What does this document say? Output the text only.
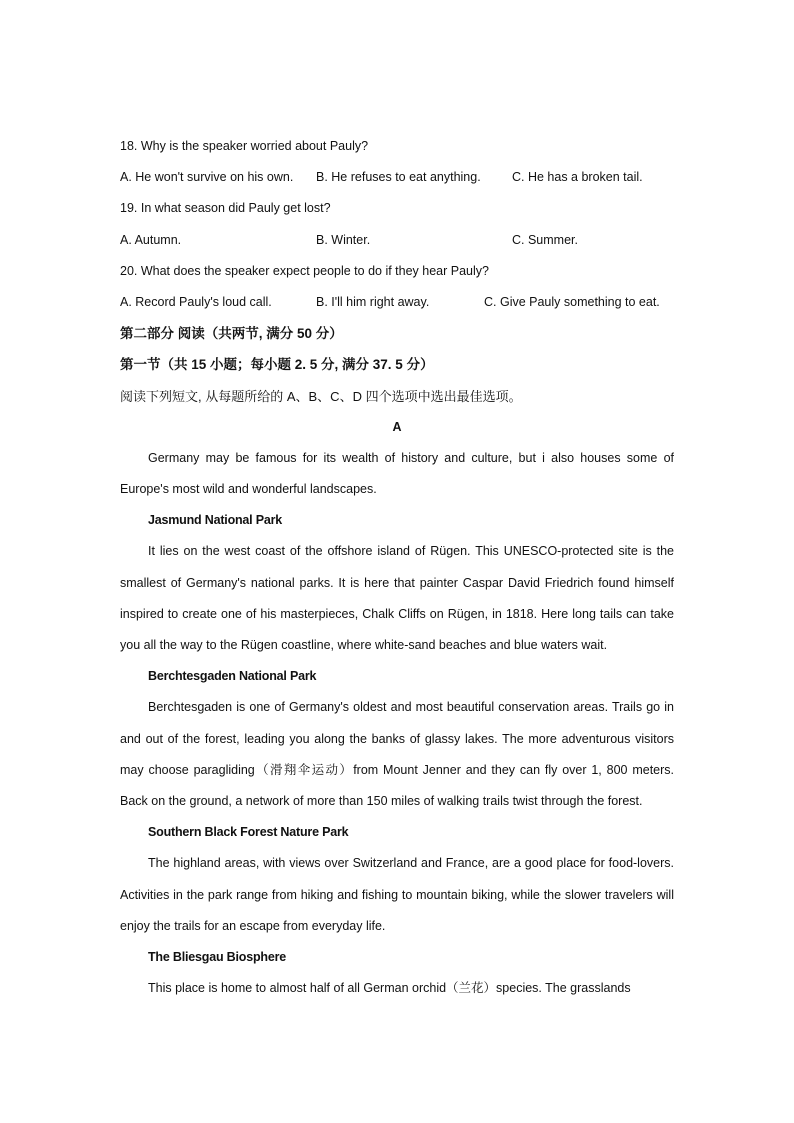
18. Why is the speaker worried about Pauly?
A. He won't survive on his own.	B. He refuses to eat anything.	C. He has a broken tail.
19. In what season did Pauly get lost?
A. Autumn.	B. Winter.	C. Summer.
20. What does the speaker expect people to do if they hear Pauly?
A. Record Pauly's loud call.	B. I'll him right away.	C. Give Pauly something to eat.
第二部分 阅读（共两节, 满分 50 分）
第一节（共 15 小题；每小题 2. 5 分, 满分 37. 5 分）
阅读下列短文, 从每题所给的 A、B、C、D 四个选项中选出最佳选项。
A

Germany may be famous for its wealth of history and culture, but i also houses some of Europe's most wild and wonderful landscapes.

Jasmund National Park

It lies on the west coast of the offshore island of Rügen. This UNESCO-protected site is the smallest of Germany's national parks. It is here that painter Caspar David Friedrich found himself inspired to create one of his masterpieces, Chalk Cliffs on Rügen, in 1818. Here long tails can take you all the way to the Rügen coastline, where white-sand beaches and blue waters wait.

Berchtesgaden National Park

Berchtesgaden is one of Germany's oldest and most beautiful conservation areas. Trails go in and out of the forest, leading you along the banks of glassy lakes. The more adventurous visitors may choose paragliding（滑翔伞运动）from Mount Jenner and they can fly over 1, 800 meters. Back on the ground, a network of more than 150 miles of walking trails twist through the forest.

Southern Black Forest Nature Park

The highland areas, with views over Switzerland and France, are a good place for food-lovers. Activities in the park range from hiking and fishing to mountain biking, while the slower travelers will enjoy the trails for an escape from everyday life.

The Bliesgau Biosphere

This place is home to almost half of all German orchid（兰花）species. The grasslands
